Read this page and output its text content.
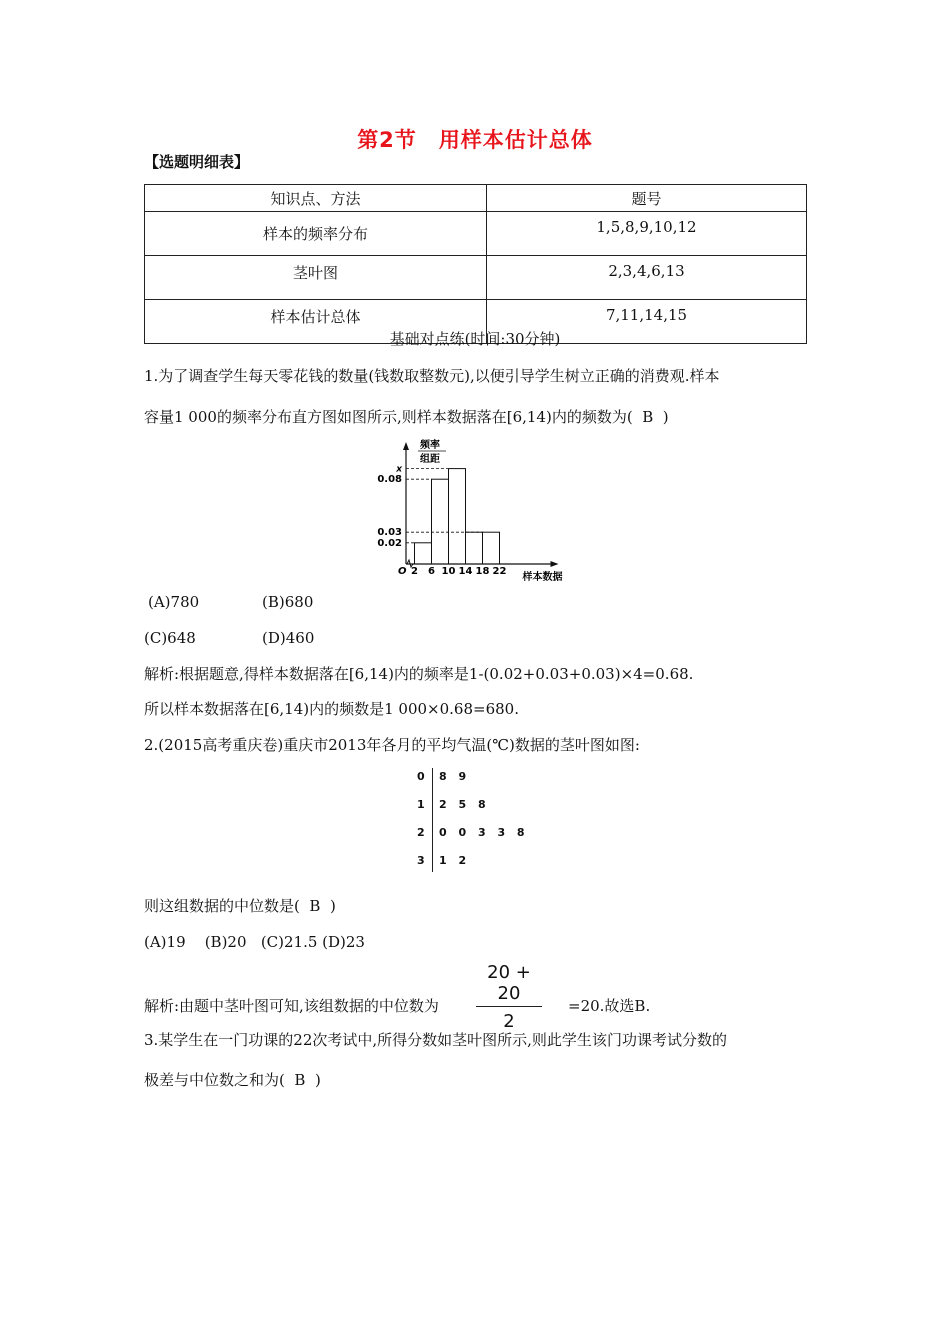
第2节 用样本估计总体
【选题明细表】
知识点、方法	题号
样本的频率分布	1,5,8,9,10,12
茎叶图	2,3,4,6,13
样本估计总体	7,11,14,15
基础对点练(时间:30分钟)
1.为了调查学生每天零花钱的数量(钱数取整数元),以便引导学生树立正确的消费观.样本
容量1 000的频率分布直方图如图所示,则样本数据落在[6,14)内的频数为(  B  )
频率
组距
O
样本数据
2 6 10 14 18 22
0.02
0.03
0.08
x
(A)780	(B)680
(C)648	(D)460
解析:根据题意,得样本数据落在[6,14)内的频率是1-(0.02+0.03+0.03)×4=0.68.
所以样本数据落在[6,14)内的频数是1 000×0.68=680.
2.(2015高考重庆卷)重庆市2013年各月的平均气温(℃)数据的茎叶图如图:
0 8 9
1 2 5 8
2 0 0 3 3 8
3 1 2
则这组数据的中位数是(  B  )
(A)19    (B)20   (C)21.5 (D)23
解析:由题中茎叶图可知,该组数据的中位数为
20 + 20
2
=20.故选B.
3.某学生在一门功课的22次考试中,所得分数如茎叶图所示,则此学生该门功课考试分数的
极差与中位数之和为(  B  )
